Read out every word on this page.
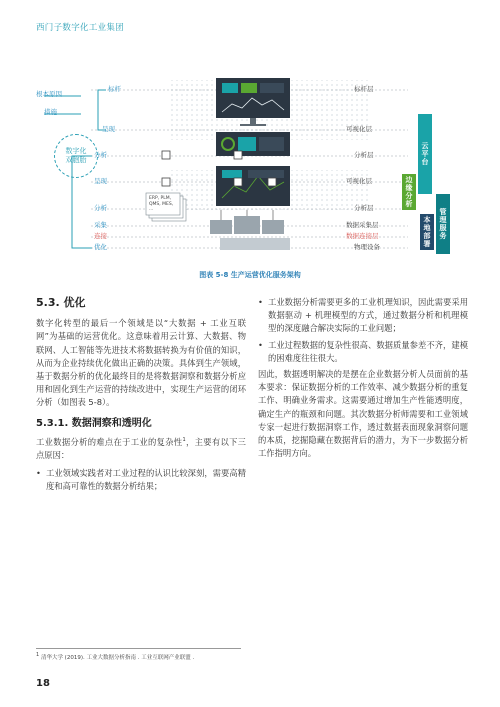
西门子数字化工业集团
根本原因
措施
数字化
双胞胎
标杆
呈现
分析
呈现
分析
采集
连接
优化
标杆层
可视化层
分析层
可视化层
分析层
数据采集层
数据连接层
物理设备
ERP, PLM,
QMS, MES,
...
云平台
边缘分析
本地部署	管理服务
图表 5-8 生产运营优化服务架构
5.3. 优化

数字化转型的最后一个领域是以“大数据 + 工业互联网”为基础的运营优化。这意味着用云计算、大数据、物联网、人工智能等先进技术将数据转换为有价值的知识，从而为企业持续优化做出正确的决策。具体到生产领域，基于数据分析的优化最终目的是将数据洞察和数据分析应用和固化到生产运营的持续改进中，实现生产运营的闭环分析（如图表 5-8）。

5.3.1. 数据洞察和透明化

工业数据分析的难点在于工业的复杂性$^1$，主要有以下三点原因：

• 工业领域实践者对工业过程的认识比较深刻，需要高精度和高可靠性的数据分析结果；
• 工业数据分析需要更多的工业机理知识，因此需要采用数据驱动 + 机理模型的方式，通过数据分析和机理模型的深度融合解决实际的工业问题；
• 工业过程数据的复杂性很高、数据质量参差不齐，建模的困难度往往很大。

因此，数据透明解决的是摆在企业数据分析人员面前的基本要求：保证数据分析的工作效率、减少数据分析的重复工作、明确业务需求。这需要通过增加生产性能透明度，确定生产的瓶颈和问题。其次数据分析师需要和工业领域专家一起进行数据洞察工作，透过数据表面现象洞察问题的本质，挖掘隐藏在数据背后的潜力，为下一步数据分析工作指明方向。

$^1$ 清华大学 (2019). 工业大数据分析指南 . 工业互联网产业联盟 .
18
